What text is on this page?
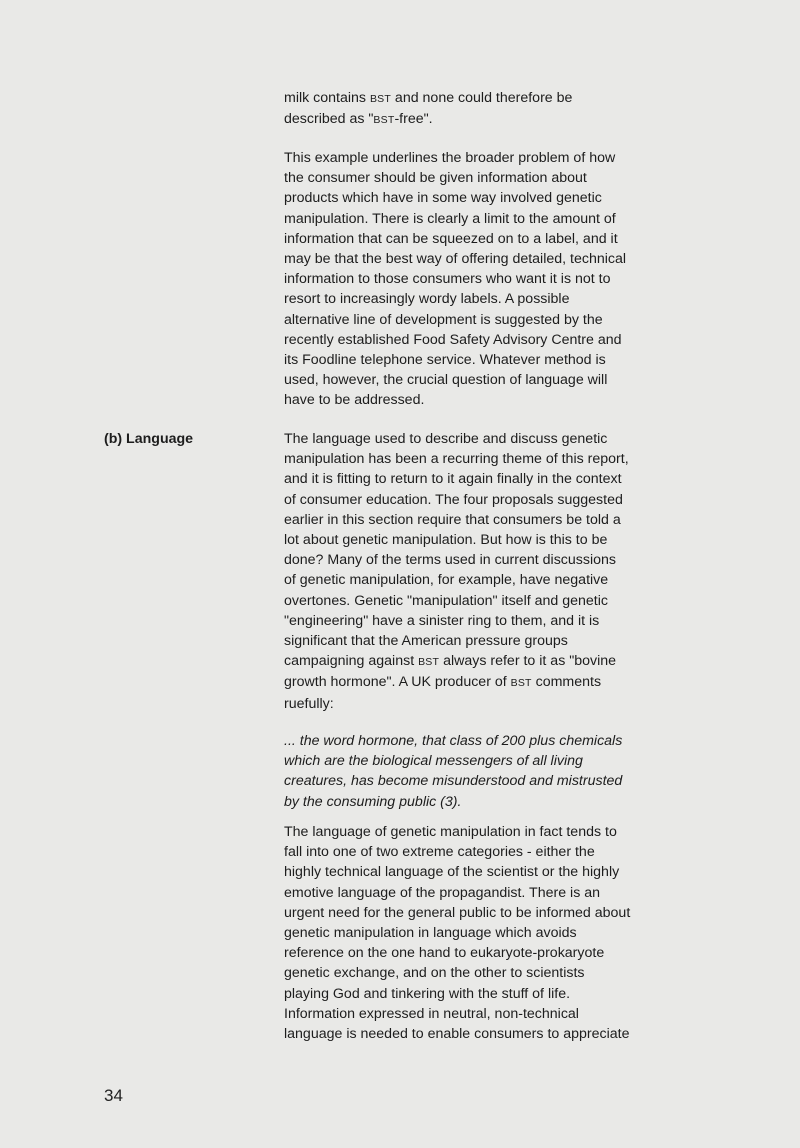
milk contains BST and none could therefore be
described as "BST-free".
This example underlines the broader problem of how
the consumer should be given information about
products which have in some way involved genetic
manipulation. There is clearly a limit to the amount of
information that can be squeezed on to a label, and it
may be that the best way of offering detailed, technical
information to those consumers who want it is not to
resort to increasingly wordy labels. A possible
alternative line of development is suggested by the
recently established Food Safety Advisory Centre and
its Foodline telephone service. Whatever method is
used, however, the crucial question of language will
have to be addressed.
(b) Language	The language used to describe and discuss genetic
manipulation has been a recurring theme of this report,
and it is fitting to return to it again finally in the context
of consumer education. The four proposals suggested
earlier in this section require that consumers be told a
lot about genetic manipulation. But how is this to be
done? Many of the terms used in current discussions
of genetic manipulation, for example, have negative
overtones. Genetic "manipulation" itself and genetic
"engineering" have a sinister ring to them, and it is
significant that the American pressure groups
campaigning against BST always refer to it as "bovine
growth hormone". A UK producer of BST comments
ruefully:
... the word hormone, that class of 200 plus chemicals
which are the biological messengers of all living
creatures, has become misunderstood and mistrusted
by the consuming public (3).
The language of genetic manipulation in fact tends to
fall into one of two extreme categories - either the
highly technical language of the scientist or the highly
emotive language of the propagandist. There is an
urgent need for the general public to be informed about
genetic manipulation in language which avoids
reference on the one hand to eukaryote-prokaryote
genetic exchange, and on the other to scientists
playing God and tinkering with the stuff of life.
Information expressed in neutral, non-technical
language is needed to enable consumers to appreciate
34
